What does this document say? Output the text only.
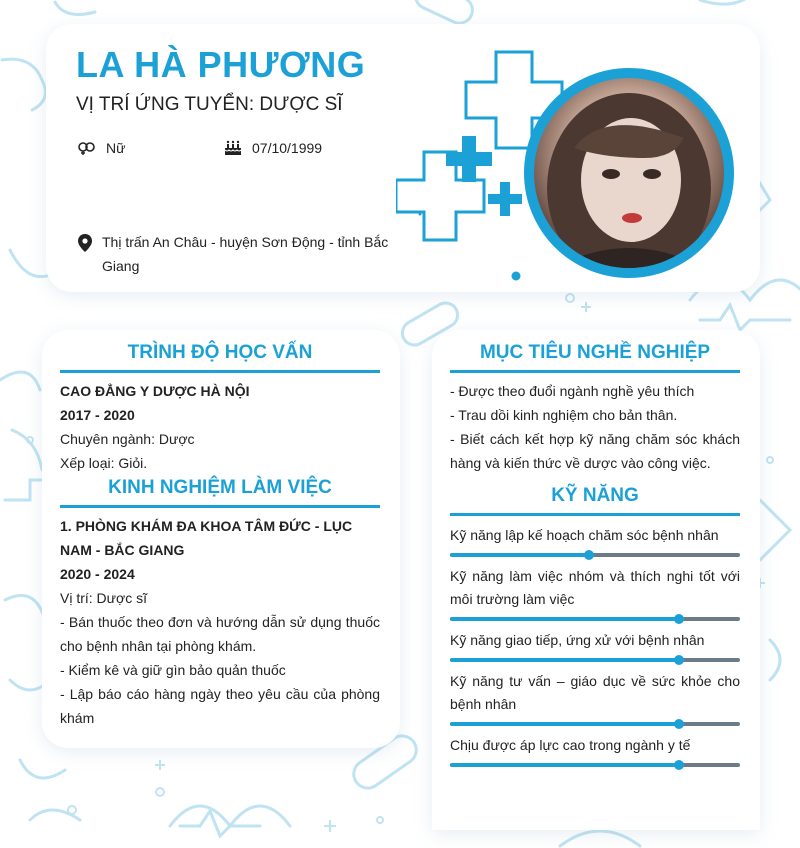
LA HÀ PHƯƠNG
VỊ TRÍ ỨNG TUYỂN: DƯỢC SĨ
Nữ	07/10/1999
Thị trấn An Châu - huyện Sơn Động - tỉnh Bắc Giang
TRÌNH ĐỘ HỌC VẤN
CAO ĐẲNG Y DƯỢC HÀ NỘI
2017 - 2020
Chuyên ngành: Dược
Xếp loại: Giỏi.
KINH NGHIỆM LÀM VIỆC
1. PHÒNG KHÁM ĐA KHOA TÂM ĐỨC - LỤC NAM - BẮC GIANG
2020 - 2024
Vị trí: Dược sĩ
- Bán thuốc theo đơn và hướng dẫn sử dụng thuốc cho bệnh nhân tại phòng khám.
- Kiểm kê và giữ gìn bảo quản thuốc
- Lập báo cáo hàng ngày theo yêu cầu của phòng khám
MỤC TIÊU NGHỀ NGHIỆP
- Được theo đuổi ngành nghề yêu thích
- Trau dồi kinh nghiệm cho bản thân.
- Biết cách kết hợp kỹ năng chăm sóc khách hàng và kiến thức về dược vào công việc.
KỸ NĂNG
Kỹ năng lập kế hoạch chăm sóc bệnh nhân
Kỹ năng làm việc nhóm và thích nghi tốt với môi trường làm việc
Kỹ năng giao tiếp, ứng xử với bệnh nhân
Kỹ năng tư vấn – giáo dục về sức khỏe cho bệnh nhân
Chịu được áp lực cao trong ngành y tế
